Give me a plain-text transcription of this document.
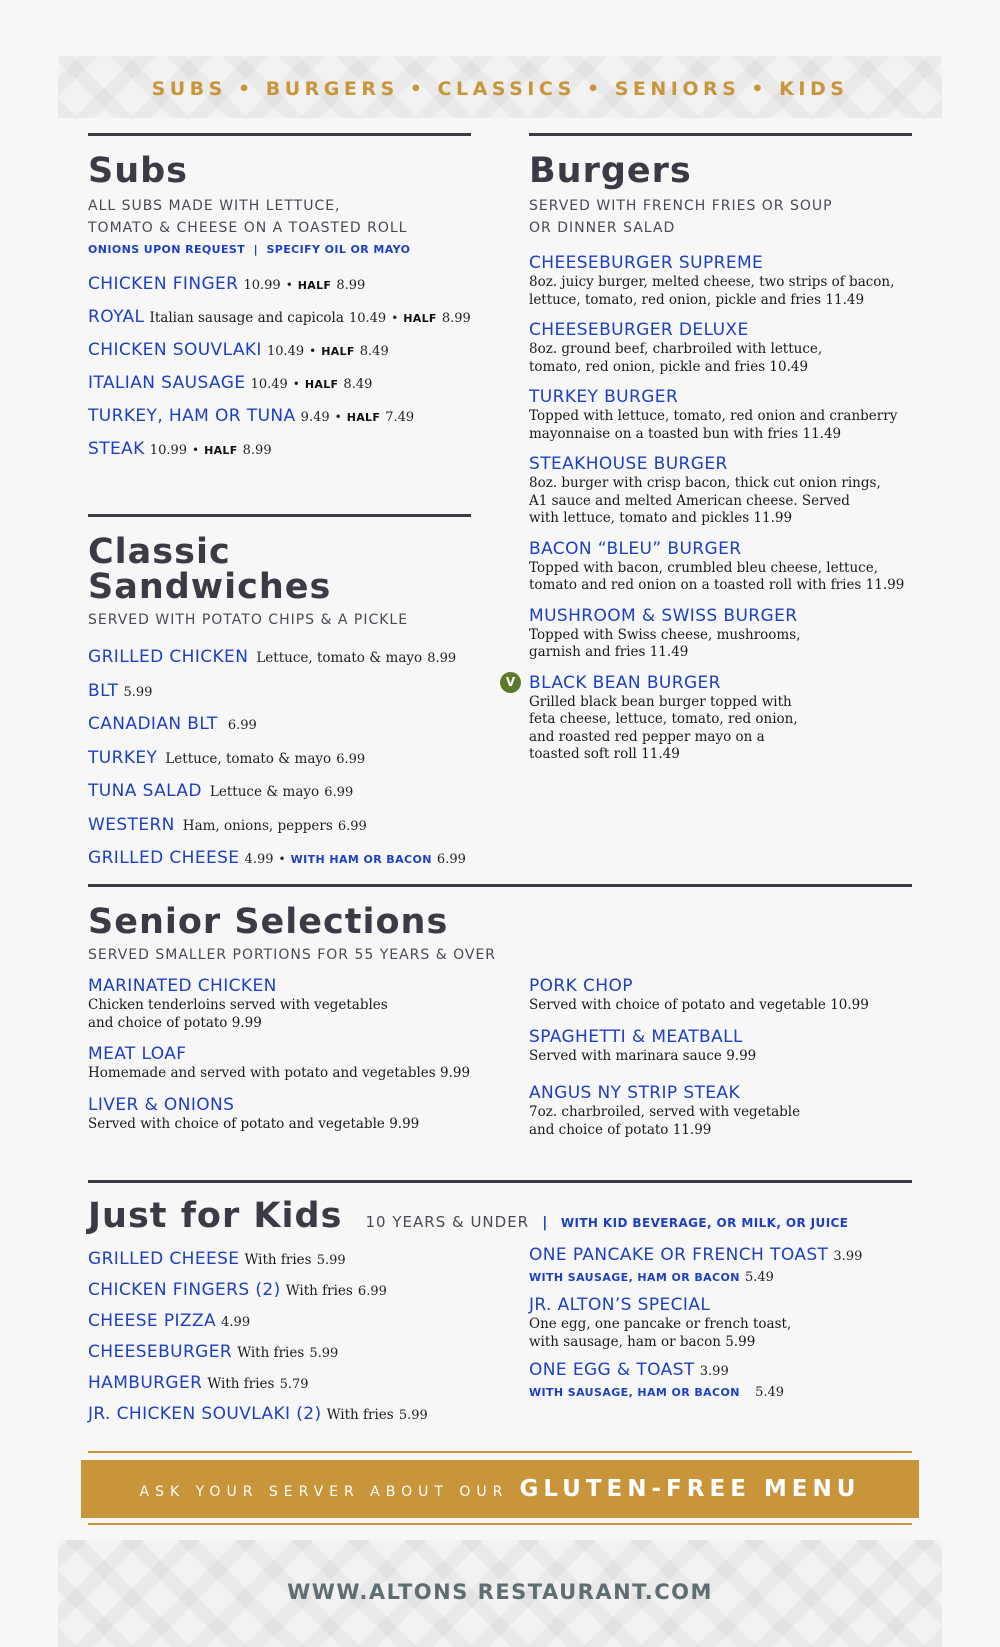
SUBS • BURGERS • CLASSICS • SENIORS • KIDS
Subs
ALL SUBS MADE WITH LETTUCE,
TOMATO & CHEESE ON A TOASTED ROLL
ONIONS UPON REQUEST  |  SPECIFY OIL OR MAYO
CHICKEN FINGER 10.99 • HALF 8.99
ROYAL Italian sausage and capicola 10.49 • HALF 8.99
CHICKEN SOUVLAKI 10.49 • HALF 8.49
ITALIAN SAUSAGE 10.49 • HALF 8.49
TURKEY, HAM OR TUNA 9.49 • HALF 7.49
STEAK 10.99 • HALF 8.99
Burgers
SERVED WITH FRENCH FRIES OR SOUP
OR DINNER SALAD
CHEESEBURGER SUPREME
8oz. juicy burger, melted cheese, two strips of bacon,
lettuce, tomato, red onion, pickle and fries 11.49
CHEESEBURGER DELUXE
8oz. ground beef, charbroiled with lettuce,
tomato, red onion, pickle and fries 10.49
TURKEY BURGER
Topped with lettuce, tomato, red onion and cranberry
mayonnaise on a toasted bun with fries 11.49
STEAKHOUSE BURGER
8oz. burger with crisp bacon, thick cut onion rings,
A1 sauce and melted American cheese. Served
with lettuce, tomato and pickles 11.99
BACON “BLEU” BURGER
Topped with bacon, crumbled bleu cheese, lettuce,
tomato and red onion on a toasted roll with fries 11.99
MUSHROOM & SWISS BURGER
Topped with Swiss cheese, mushrooms,
garnish and fries 11.49
V BLACK BEAN BURGER
Grilled black bean burger topped with
feta cheese, lettuce, tomato, red onion,
and roasted red pepper mayo on a
toasted soft roll 11.49
Classic Sandwiches
SERVED WITH POTATO CHIPS & A PICKLE
GRILLED CHICKEN Lettuce, tomato & mayo 8.99
BLT 5.99
CANADIAN BLT 6.99
TURKEY Lettuce, tomato & mayo 6.99
TUNA SALAD Lettuce & mayo 6.99
WESTERN Ham, onions, peppers 6.99
GRILLED CHEESE 4.99 • WITH HAM OR BACON 6.99
Senior Selections
SERVED SMALLER PORTIONS FOR 55 YEARS & OVER
MARINATED CHICKEN
Chicken tenderloins served with vegetables
and choice of potato 9.99
MEAT LOAF
Homemade and served with potato and vegetables 9.99
LIVER & ONIONS
Served with choice of potato and vegetable 9.99
PORK CHOP
Served with choice of potato and vegetable 10.99
SPAGHETTI & MEATBALL
Served with marinara sauce 9.99
ANGUS NY STRIP STEAK
7oz. charbroiled, served with vegetable
and choice of potato 11.99
Just for Kids 10 YEARS & UNDER | WITH KID BEVERAGE, OR MILK, OR JUICE
GRILLED CHEESE With fries 5.99
CHICKEN FINGERS (2) With fries 6.99
CHEESE PIZZA 4.99
CHEESEBURGER With fries 5.99
HAMBURGER With fries 5.79
JR. CHICKEN SOUVLAKI (2) With fries 5.99
ONE PANCAKE OR FRENCH TOAST 3.99
WITH SAUSAGE, HAM OR BACON 5.49
JR. ALTON’S SPECIAL
One egg, one pancake or french toast,
with sausage, ham or bacon 5.99
ONE EGG & TOAST 3.99
WITH SAUSAGE, HAM OR BACON 5.49
ASK YOUR SERVER ABOUT OUR GLUTEN-FREE MENU
WWW.ALTONS RESTAURANT.COM
